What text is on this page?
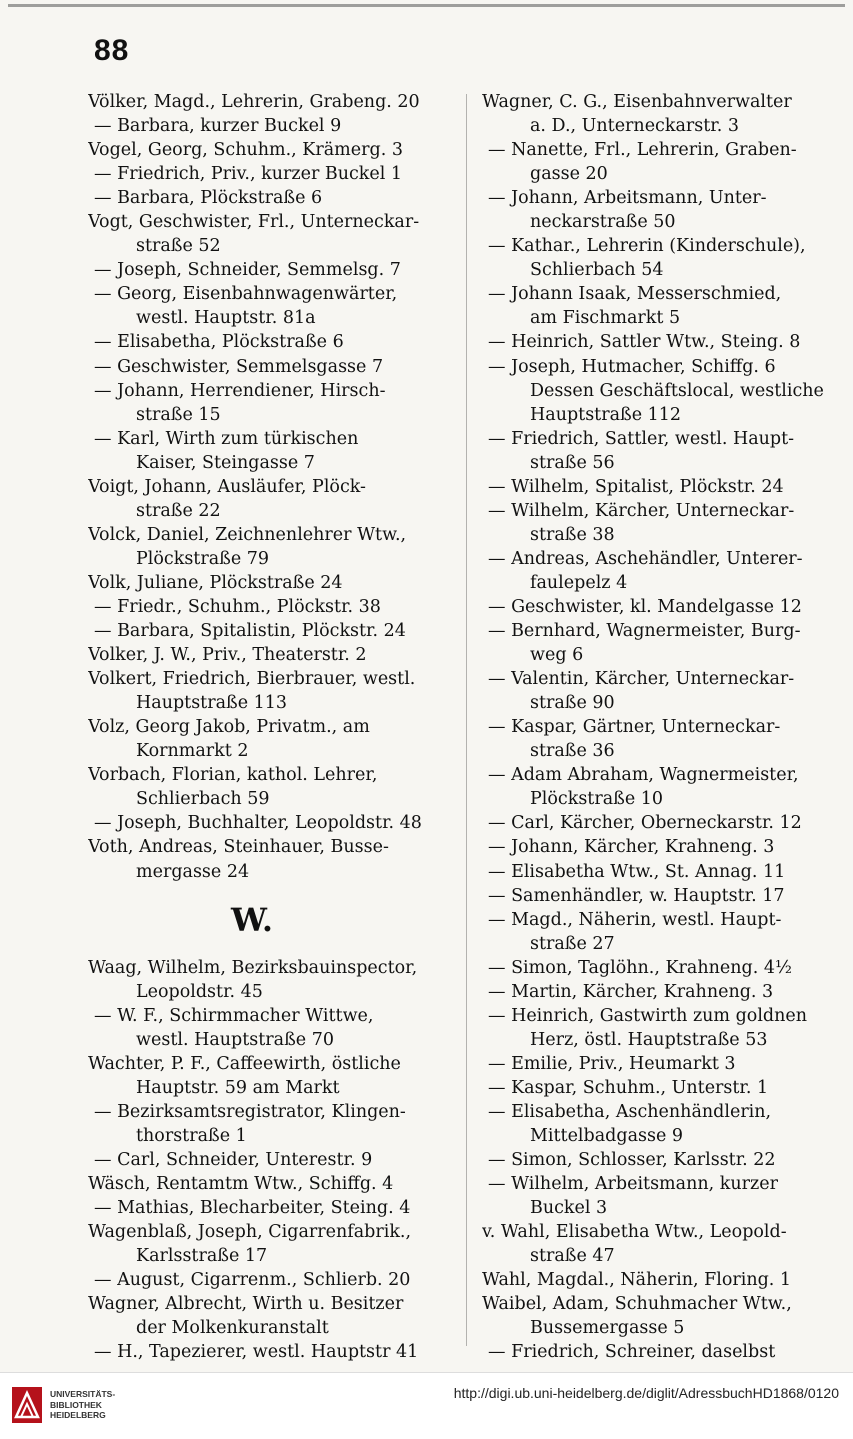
88
Völker, Magd., Lehrerin, Grabeng. 20
— Barbara, kurzer Buckel 9
Vogel, Georg, Schuhm., Krämerg. 3
— Friedrich, Priv., kurzer Buckel 1
— Barbara, Plöckstraße 6
Vogt, Geschwister, Frl., Unterneckar-
straße 52
— Joseph, Schneider, Semmelsg. 7
— Georg, Eisenbahnwagenwärter,
westl. Hauptstr. 81a
— Elisabetha, Plöckstraße 6
— Geschwister, Semmelsgasse 7
— Johann, Herrendiener, Hirsch-
straße 15
— Karl, Wirth zum türkischen
Kaiser, Steingasse 7
Voigt, Johann, Ausläufer, Plöck-
straße 22
Volck, Daniel, Zeichnenlehrer Wtw.,
Plöckstraße 79
Volk, Juliane, Plöckstraße 24
— Friedr., Schuhm., Plöckstr. 38
— Barbara, Spitalistin, Plöckstr. 24
Volker, J. W., Priv., Theaterstr. 2
Volkert, Friedrich, Bierbrauer, westl.
Hauptstraße 113
Volz, Georg Jakob, Privatm., am
Kornmarkt 2
Vorbach, Florian, kathol. Lehrer,
Schlierbach 59
— Joseph, Buchhalter, Leopoldstr. 48
Voth, Andreas, Steinhauer, Busse-
mergasse 24
W.
Waag, Wilhelm, Bezirksbauinspector,
Leopoldstr. 45
— W. F., Schirmmacher Wittwe,
westl. Hauptstraße 70
Wachter, P. F., Caffeewirth, östliche
Hauptstr. 59 am Markt
— Bezirksamtsregistrator, Klingen-
thorstraße 1
— Carl, Schneider, Unterestr. 9
Wäsch, Rentamtm Wtw., Schiffg. 4
— Mathias, Blecharbeiter, Steing. 4
Wagenblaß, Joseph, Cigarrenfabrik.,
Karlsstraße 17
— August, Cigarrenm., Schlierb. 20
Wagner, Albrecht, Wirth u. Besitzer
der Molkenkuranstalt
— H., Tapezierer, westl. Hauptstr 41
Wagner, C. G., Eisenbahnverwalter
a. D., Unterneckarstr. 3
— Nanette, Frl., Lehrerin, Graben-
gasse 20
— Johann, Arbeitsmann, Unter-
neckarstraße 50
— Kathar., Lehrerin (Kinderschule),
Schlierbach 54
— Johann Isaak, Messerschmied,
am Fischmarkt 5
— Heinrich, Sattler Wtw., Steing. 8
— Joseph, Hutmacher, Schiffg. 6
Dessen Geschäftslocal, westliche
Hauptstraße 112
— Friedrich, Sattler, westl. Haupt-
straße 56
— Wilhelm, Spitalist, Plöckstr. 24
— Wilhelm, Kärcher, Unterneckar-
straße 38
— Andreas, Aschehändler, Unterer-
faulepelz 4
— Geschwister, kl. Mandelgasse 12
— Bernhard, Wagnermeister, Burg-
weg 6
— Valentin, Kärcher, Unterneckar-
straße 90
— Kaspar, Gärtner, Unterneckar-
straße 36
— Adam Abraham, Wagnermeister,
Plöckstraße 10
— Carl, Kärcher, Oberneckarstr. 12
— Johann, Kärcher, Krahneng. 3
— Elisabetha Wtw., St. Annag. 11
— Samenhändler, w. Hauptstr. 17
— Magd., Näherin, westl. Haupt-
straße 27
— Simon, Taglöhn., Krahneng. 4½
— Martin, Kärcher, Krahneng. 3
— Heinrich, Gastwirth zum goldnen
Herz, östl. Hauptstraße 53
— Emilie, Priv., Heumarkt 3
— Kaspar, Schuhm., Unterstr. 1
— Elisabetha, Aschenhändlerin,
Mittelbadgasse 9
— Simon, Schlosser, Karlsstr. 22
— Wilhelm, Arbeitsmann, kurzer
Buckel 3
v. Wahl, Elisabetha Wtw., Leopold-
straße 47
Wahl, Magdal., Näherin, Floring. 1
Waibel, Adam, Schuhmacher Wtw.,
Bussemergasse 5
— Friedrich, Schreiner, daselbst
UNIVERSITÄTS-
BIBLIOTHEK
HEIDELBERG
http://digi.ub.uni-heidelberg.de/diglit/AdressbuchHD1868/0120
